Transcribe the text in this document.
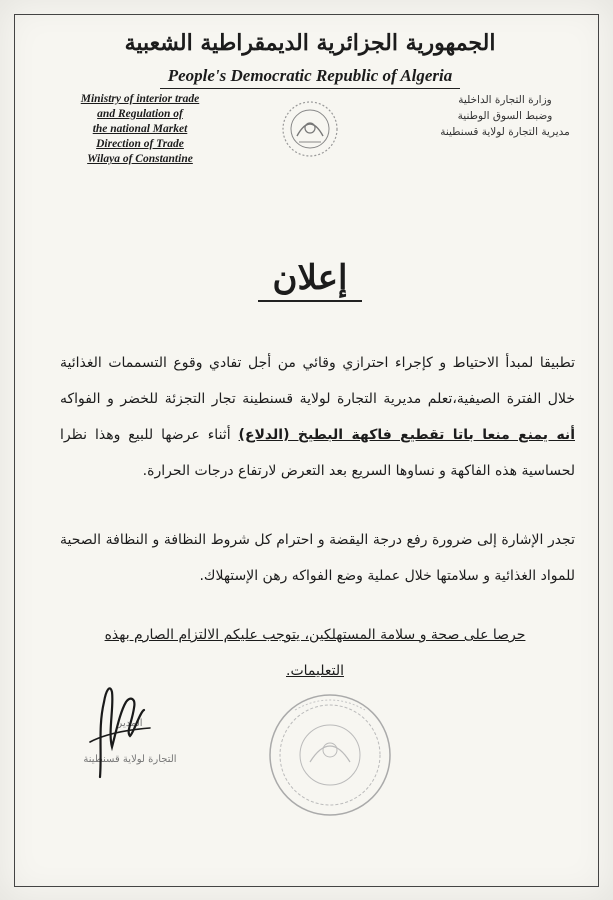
الجمهورية الجزائرية الديمقراطية الشعبية
People's Democratic Republic of Algeria
Ministry of interior trade
and Regulation of
the national Market
Direction of Trade
Wilaya of Constantine
وزارة التجارة الداخلية
وضبط السوق الوطنية
مديرية التجارة لولاية قسنطينة
إعلان
تطبيقا لمبدأ الاحتياط و كإجراء احترازي وقائي من أجل تفادي وقوع التسممات الغذائية خلال الفترة الصيفية،تعلم مديرية التجارة لولاية قسنطينة تجار التجزئة للخضر و الفواكه أنه يمنع منعا باتا تقطيع فاكهة البطيخ (الدلاع) أثناء عرضها للبيع وهذا نظرا لحساسية هذه الفاكهة و نساوها السريع بعد التعرض لارتفاع درجات الحرارة.
تجدر الإشارة إلى ضرورة رفع درجة اليقضة و احترام كل شروط النظافة و النظافة الصحية للمواد الغذائية و سلامتها خلال عملية وضع الفواكه رهن الإستهلاك.
حرصا على صحة و سلامة المستهلكين، يتوجب عليكم الالتزام الصارم بهذه التعليمات.
المدير
التجارة لولاية قسنطينة
